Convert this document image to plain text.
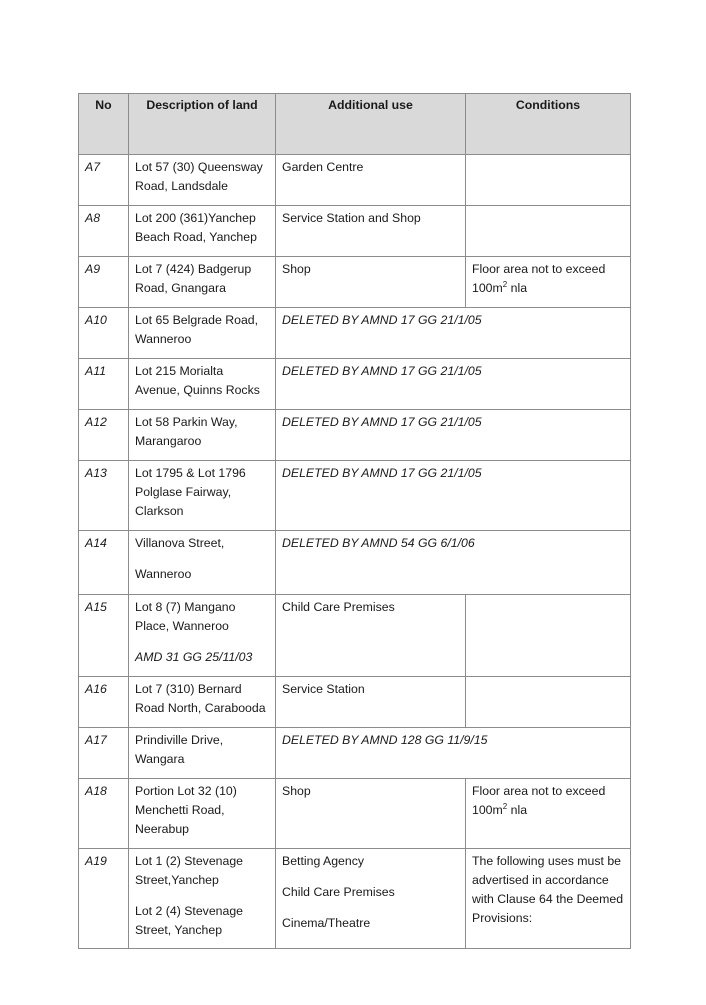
No	Description of land	Additional use	Conditions
A7	Lot 57 (30) Queensway
Road, Landsdale	Garden Centre	
A8	Lot 200 (361)Yanchep
Beach Road, Yanchep	Service Station and Shop	
A9	Lot 7 (424) Badgerup
Road, Gnangara	Shop	Floor area not to exceed
$100m^2$ nla

A10	Lot 65 Belgrade Road,
Wanneroo	DELETED BY AMND 17 GG 21/1/05	
A11	Lot 215 Morialta
Avenue, Quinns Rocks	DELETED BY AMND 17 GG 21/1/05	
A12	Lot 58 Parkin Way,
Marangaroo	DELETED BY AMND 17 GG 21/1/05	
A13	Lot 1795 & Lot 1796
Polglase Fairway,
Clarkson	DELETED BY AMND 17 GG 21/1/05	
A14	Villanova Street,
Wanneroo	DELETED BY AMND 54 GG 6/1/06	
A15	Lot 8 (7) Mangano
Place, Wanneroo
AMD 31 GG 25/11/03	Child Care Premises	
A16	Lot 7 (310) Bernard
Road North, Carabooda	Service Station	
A17	Prindiville Drive,
Wangara	DELETED BY AMND 128 GG 11/9/15	
A18	Portion Lot 32 (10)
Menchetti Road,
Neerabup	Shop	Floor area not to exceed
$100m^2$ nla

A19	Lot 1 (2) Stevenage
Street,Yanchep
Lot 2 (4) Stevenage
Street, Yanchep	Betting Agency
Child Care Premises
Cinema/Theatre	The following uses must be
advertised in accordance
with Clause 64 the Deemed
Provisions:
